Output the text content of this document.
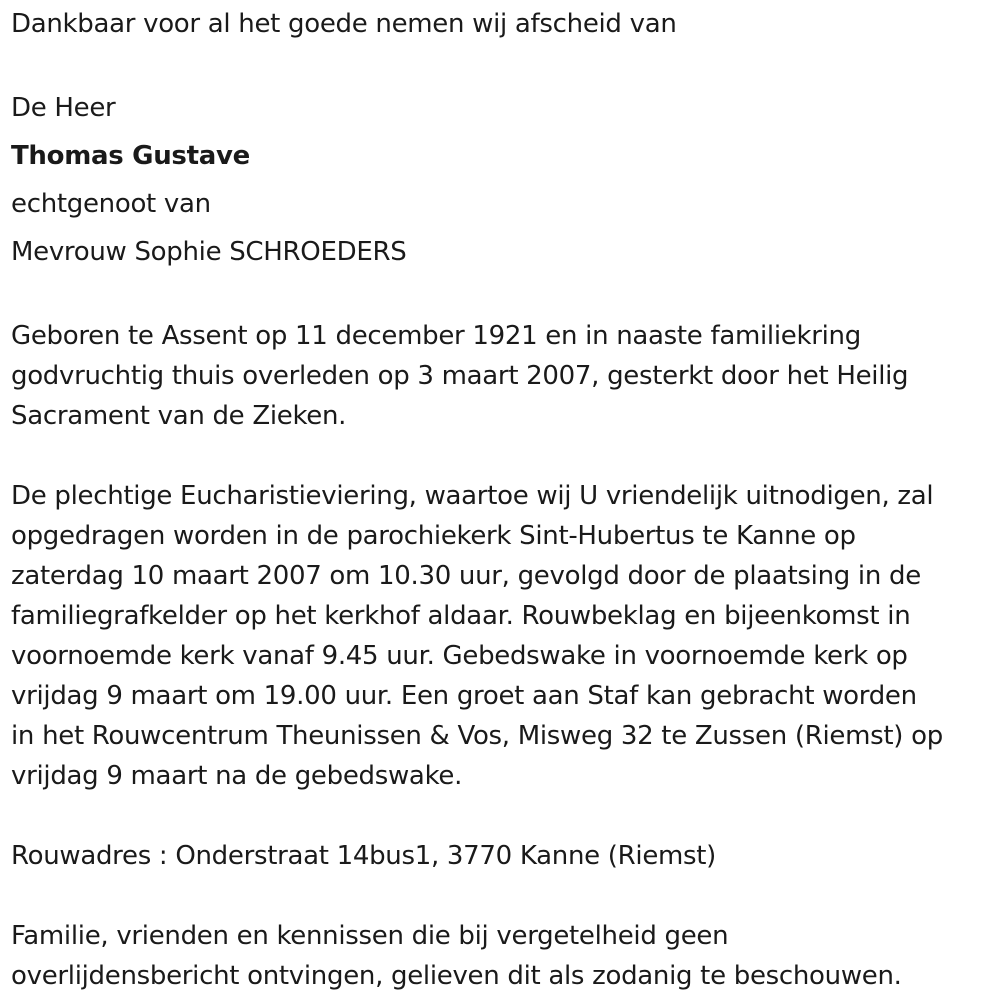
Dankbaar voor al het goede nemen wij afscheid van
De Heer
Thomas Gustave
echtgenoot van
Mevrouw Sophie SCHROEDERS
Geboren te Assent op 11 december 1921 en in naaste familiekring
godvruchtig thuis overleden op 3 maart 2007, gesterkt door het Heilig
Sacrament van de Zieken.
De plechtige Eucharistieviering, waartoe wij U vriendelijk uitnodigen, zal
opgedragen worden in de parochiekerk Sint-Hubertus te Kanne op
zaterdag 10 maart 2007 om 10.30 uur, gevolgd door de plaatsing in de
familiegrafkelder op het kerkhof aldaar. Rouwbeklag en bijeenkomst in
voornoemde kerk vanaf 9.45 uur. Gebedswake in voornoemde kerk op
vrijdag 9 maart om 19.00 uur. Een groet aan Staf kan gebracht worden
in het Rouwcentrum Theunissen & Vos, Misweg 32 te Zussen (Riemst) op
vrijdag 9 maart na de gebedswake.
Rouwadres : Onderstraat 14bus1, 3770 Kanne (Riemst)
Familie, vrienden en kennissen die bij vergetelheid geen
overlijdensbericht ontvingen, gelieven dit als zodanig te beschouwen.
